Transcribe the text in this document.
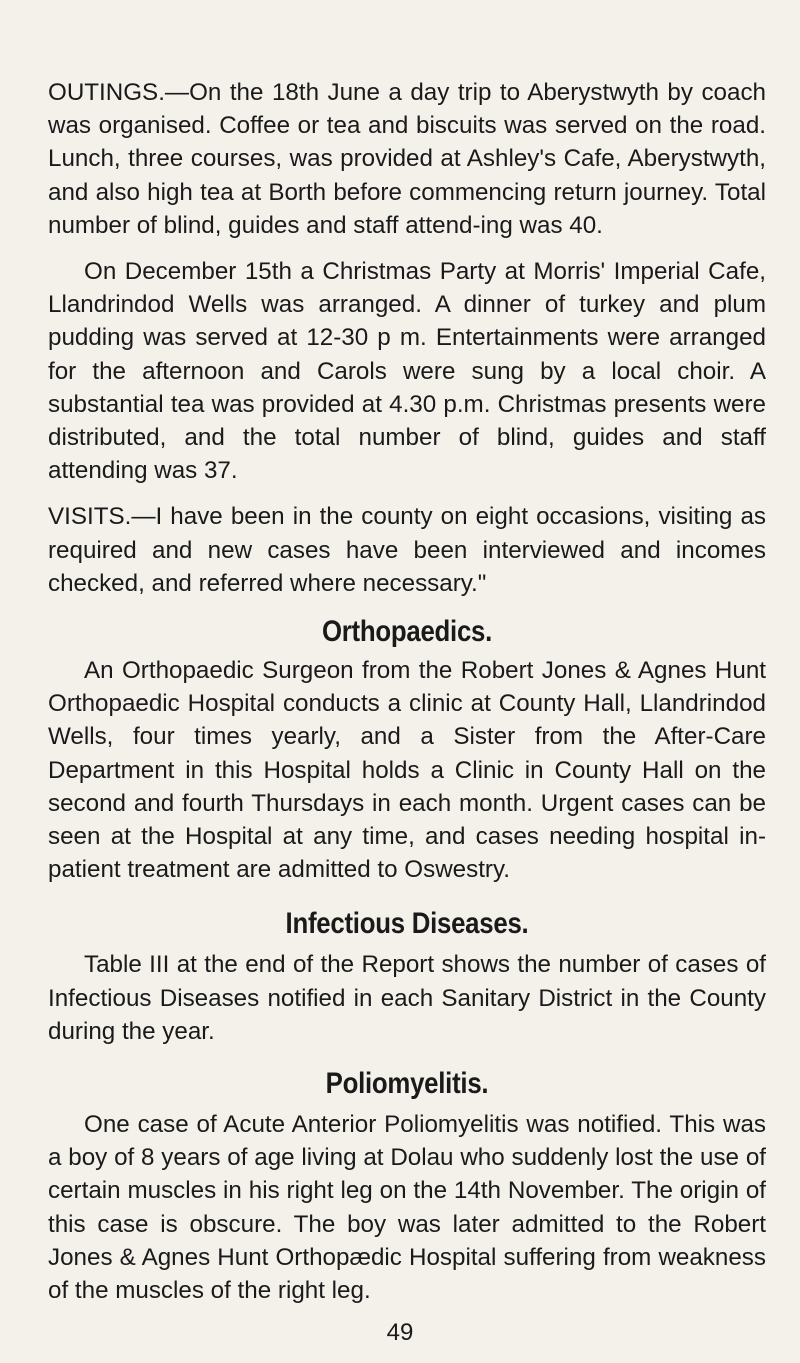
OUTINGS.—On the 18th June a day trip to Aberystwyth by coach was organised. Coffee or tea and biscuits was served on the road. Lunch, three courses, was provided at Ashley's Cafe, Aberystwyth, and also high tea at Borth before commencing return journey. Total number of blind, guides and staff attend-ing was 40.

On December 15th a Christmas Party at Morris' Imperial Cafe, Llandrindod Wells was arranged. A dinner of turkey and plum pudding was served at 12-30 p m. Entertainments were arranged for the afternoon and Carols were sung by a local choir. A substantial tea was provided at 4.30 p.m. Christmas presents were distributed, and the total number of blind, guides and staff attending was 37.

VISITS.—I have been in the county on eight occasions, visiting as required and new cases have been interviewed and incomes checked, and referred where necessary."

Orthopaedics.

An Orthopaedic Surgeon from the Robert Jones & Agnes Hunt Orthopaedic Hospital conducts a clinic at County Hall, Llandrindod Wells, four times yearly, and a Sister from the After-Care Department in this Hospital holds a Clinic in County Hall on the second and fourth Thursdays in each month. Urgent cases can be seen at the Hospital at any time, and cases needing hospital in-patient treatment are admitted to Oswestry.

Infectious Diseases.

Table III at the end of the Report shows the number of cases of Infectious Diseases notified in each Sanitary District in the County during the year.

Poliomyelitis.

One case of Acute Anterior Poliomyelitis was notified. This was a boy of 8 years of age living at Dolau who suddenly lost the use of certain muscles in his right leg on the 14th November. The origin of this case is obscure. The boy was later admitted to the Robert Jones & Agnes Hunt Orthopædic Hospital suffering from weakness of the muscles of the right leg.

49
